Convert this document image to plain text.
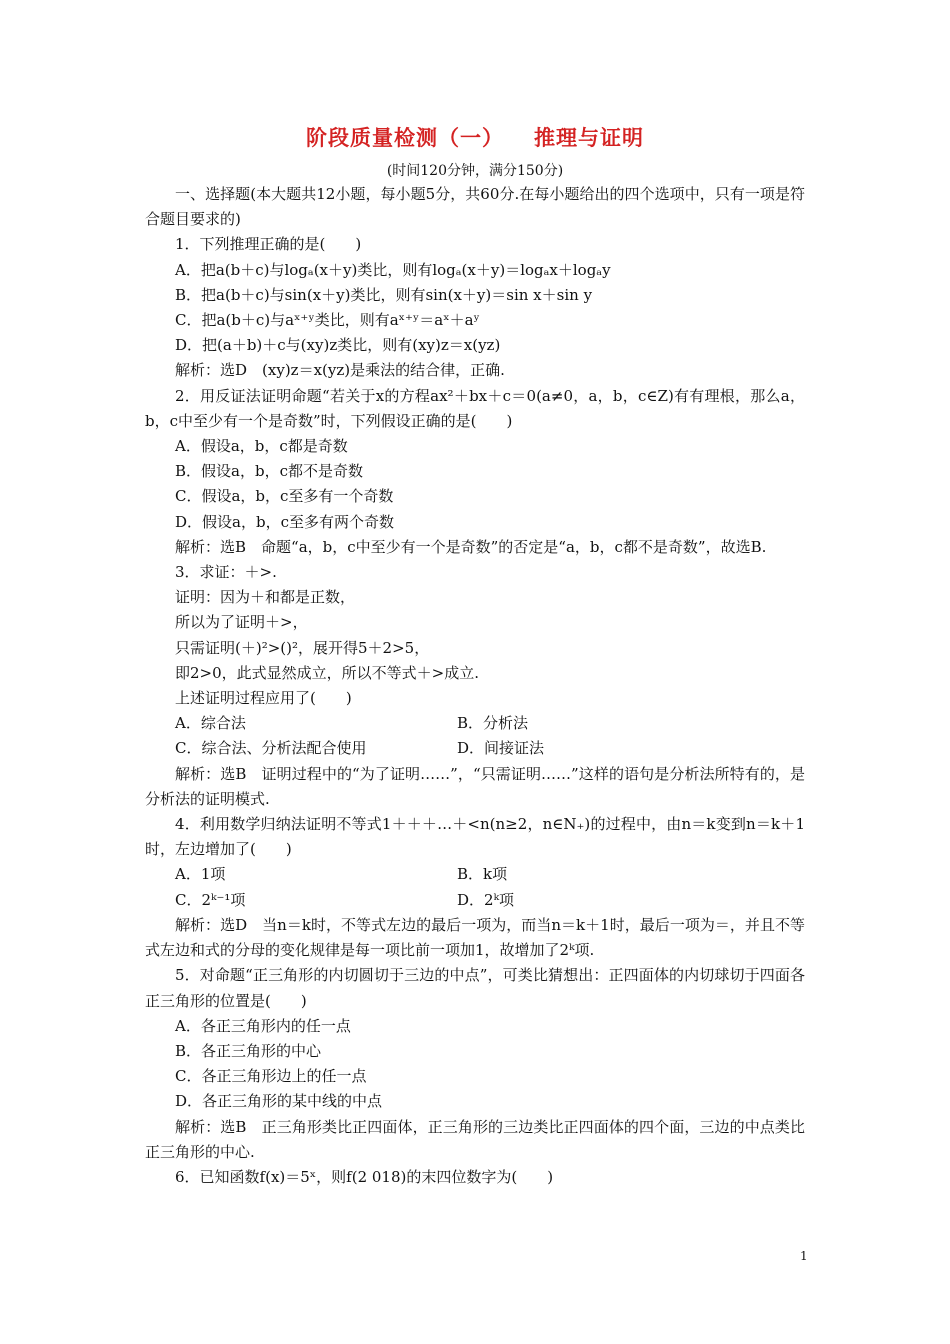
阶段质量检测（一） 推理与证明
(时间120分钟，满分150分)

一、选择题(本大题共12小题，每小题5分，共60分.在每小题给出的四个选项中，只有一项是符合题目要求的)

1．下列推理正确的是(　　)

A．把a(b＋c)与logₐ(x＋y)类比，则有logₐ(x＋y)＝logₐx＋logₐy

B．把a(b＋c)与sin(x＋y)类比，则有sin(x＋y)＝sin x＋sin y

C．把a(b＋c)与aˣ⁺ʸ类比，则有aˣ⁺ʸ＝aˣ＋aʸ

D．把(a＋b)＋c与(xy)z类比，则有(xy)z＝x(yz)

解析：选D　(xy)z＝x(yz)是乘法的结合律，正确.

2．用反证法证明命题“若关于x的方程ax²＋bx＋c＝0(a≠0，a，b，c∈Z)有有理根，那么a，b，c中至少有一个是奇数”时，下列假设正确的是(　　)

A．假设a，b，c都是奇数

B．假设a，b，c都不是奇数

C．假设a，b，c至多有一个奇数

D．假设a，b，c至多有两个奇数

解析：选B　命题“a，b，c中至少有一个是奇数”的否定是“a，b，c都不是奇数”，故选B.

3．求证：＋>.

证明：因为＋和都是正数，

所以为了证明＋>，

只需证明(＋)²>()²，展开得5＋2>5，

即2>0，此式显然成立，所以不等式＋>成立.

上述证明过程应用了(　　)

A．综合法	B．分析法
C．综合法、分析法配合使用	D．间接证法

解析：选B　证明过程中的“为了证明……”，“只需证明……”这样的语句是分析法所特有的，是分析法的证明模式.

4．利用数学归纳法证明不等式1＋＋＋…＋<n(n≥2，n∈N₊)的过程中，由n＝k变到n＝k＋1时，左边增加了(　　)

A．1项	B．k项
C．2ᵏ⁻¹项	D．2ᵏ项

解析：选D　当n＝k时，不等式左边的最后一项为，而当n＝k＋1时，最后一项为＝，并且不等式左边和式的分母的变化规律是每一项比前一项加1，故增加了2ᵏ项.

5．对命题“正三角形的内切圆切于三边的中点”，可类比猜想出：正四面体的内切球切于四面各正三角形的位置是(　　)

A．各正三角形内的任一点

B．各正三角形的中心

C．各正三角形边上的任一点

D．各正三角形的某中线的中点

解析：选B　正三角形类比正四面体，正三角形的三边类比正四面体的四个面，三边的中点类比正三角形的中心.

6．已知函数f(x)＝5ˣ，则f(2 018)的末四位数字为(　　)

1
